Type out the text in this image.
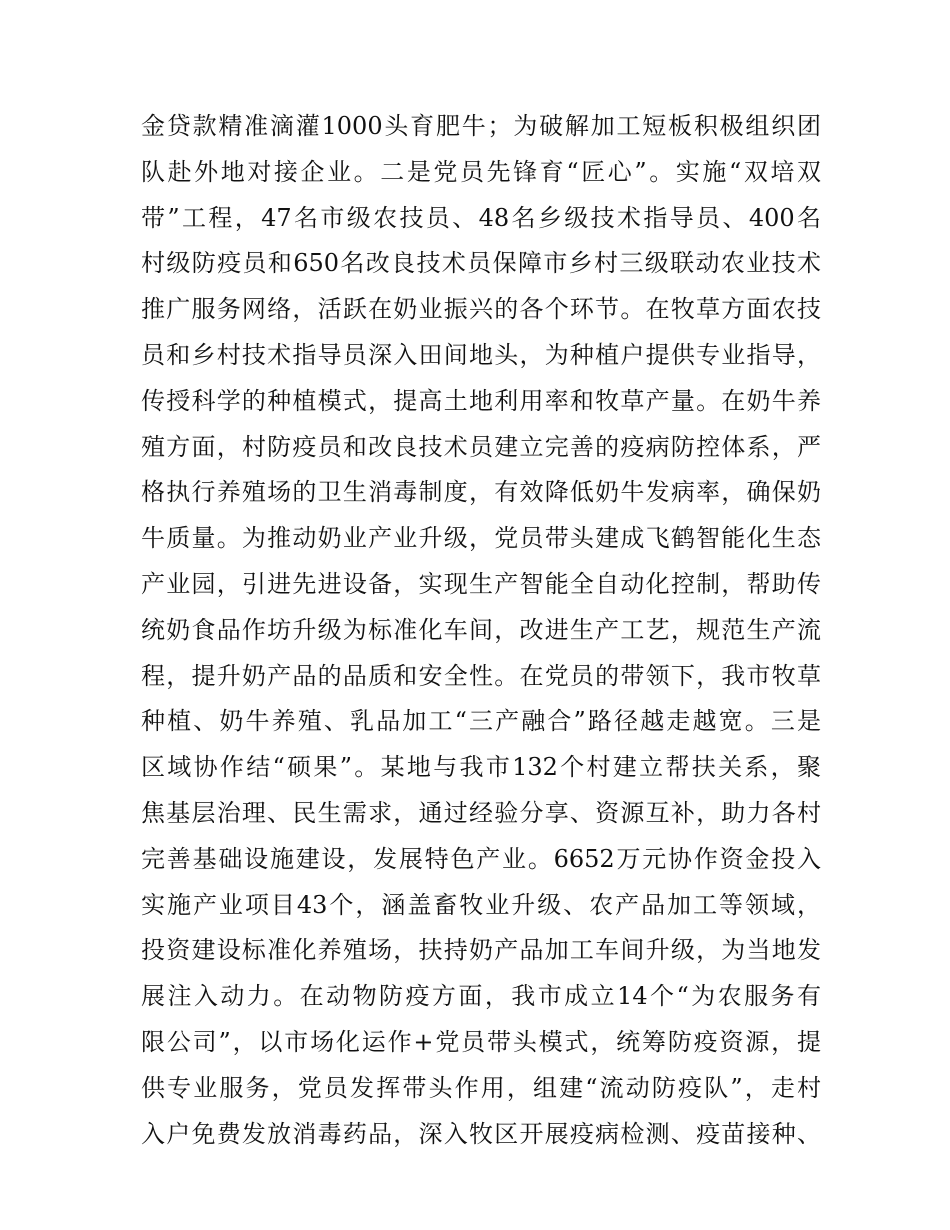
金贷款精准滴灌1000头育肥牛；为破解加工短板积极组织团
队赴外地对接企业。二是党员先锋育“匠心”。实施“双培双
带”工程，47名市级农技员、48名乡级技术指导员、400名
村级防疫员和650名改良技术员保障市乡村三级联动农业技术
推广服务网络，活跃在奶业振兴的各个环节。在牧草方面农技
员和乡村技术指导员深入田间地头，为种植户提供专业指导，
传授科学的种植模式，提高土地利用率和牧草产量。在奶牛养
殖方面，村防疫员和改良技术员建立完善的疫病防控体系，严
格执行养殖场的卫生消毒制度，有效降低奶牛发病率，确保奶
牛质量。为推动奶业产业升级，党员带头建成飞鹤智能化生态
产业园，引进先进设备，实现生产智能全自动化控制，帮助传
统奶食品作坊升级为标准化车间，改进生产工艺，规范生产流
程，提升奶产品的品质和安全性。在党员的带领下，我市牧草
种植、奶牛养殖、乳品加工“三产融合”路径越走越宽。三是
区域协作结“硕果”。某地与我市132个村建立帮扶关系，聚
焦基层治理、民生需求，通过经验分享、资源互补，助力各村
完善基础设施建设，发展特色产业。6652万元协作资金投入
实施产业项目43个，涵盖畜牧业升级、农产品加工等领域，
投资建设标准化养殖场，扶持奶产品加工车间升级，为当地发
展注入动力。在动物防疫方面，我市成立14个“为农服务有
限公司”，以市场化运作+党员带头模式，统筹防疫资源，提
供专业服务，党员发挥带头作用，组建“流动防疫队”，走村
入户免费发放消毒药品，深入牧区开展疫病检测、疫苗接种、
